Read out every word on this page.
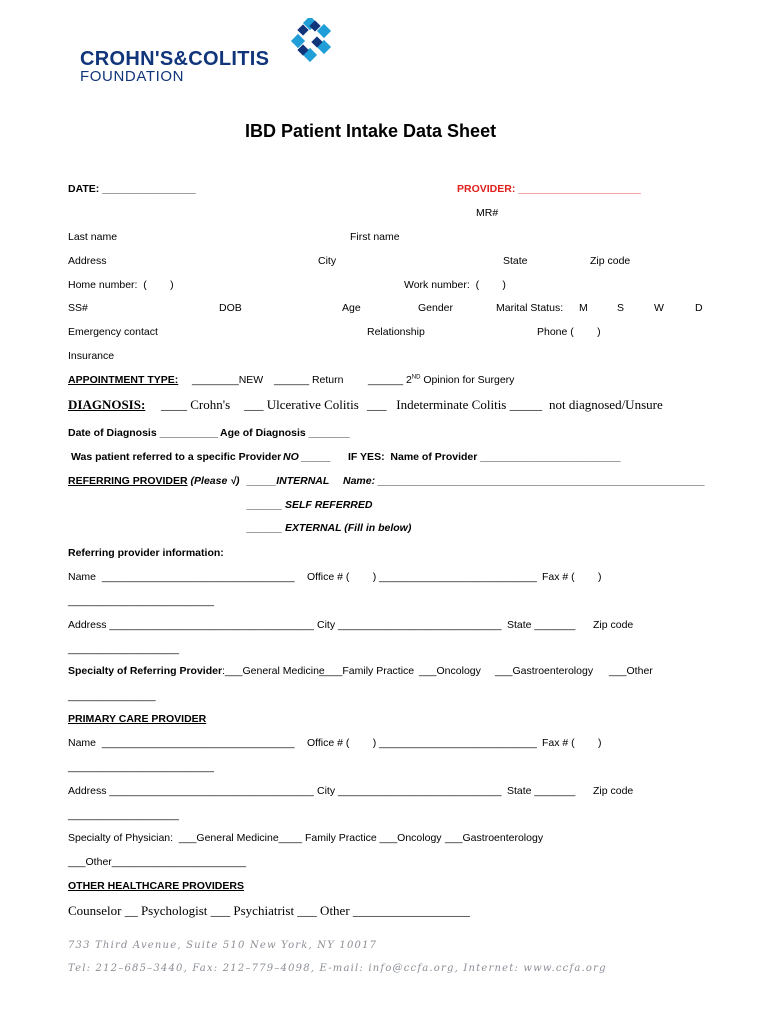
CROHN'S&COLITIS
FOUNDATION
IBD Patient Intake Data Sheet
DATE: ________________	PROVIDER: _____________________
MR#
Last name	First name
Address	City	State	Zip code
Home number:  (        )	Work number:  (        )
SS#	DOB	Age	Gender	Marital Status: M	S	W	D
Emergency contact	Relationship	Phone (        )
Insurance
APPOINTMENT TYPE: ________NEW ______ Return ______ 2ND Opinion for Surgery
DIAGNOSIS: ____ Crohn's ___ Ulcerative Colitis ___   Indeterminate Colitis _____ not diagnosed/Unsure
Date of Diagnosis __________ Age of Diagnosis _______
Was patient referred to a specific Provider NO _____ IF YES:  Name of Provider ________________________
REFERRING PROVIDER (Please √) _____INTERNAL Name: ________________________________________________________
______ SELF REFERRED
______ EXTERNAL (Fill in below)
Referring provider information:
Name  _________________________________ Office # (        ) ___________________________ Fax # (        )
_________________________
Address ___________________________________ City ____________________________ State _______ Zip code
___________________
Specialty of Referring Provider:___General Medicine
____Family Practice ___Oncology ___Gastroenterology ___Other
_______________
PRIMARY CARE PROVIDER
Name  _________________________________ Office # (        ) ___________________________ Fax # (        )
_________________________
Address ___________________________________ City ____________________________ State _______ Zip code
___________________
Specialty of Physician:  ___General Medicine____ Family Practice ___Oncology ___Gastroenterology
___Other_______________________
OTHER HEALTHCARE PROVIDERS
Counselor __ Psychologist ___ Psychiatrist ___ Other __________________
733 Third Avenue, Suite 510 New York, NY 10017
Tel: 212–685–3440, Fax: 212–779–4098, E-mail: info@ccfa.org, Internet: www.ccfa.org
